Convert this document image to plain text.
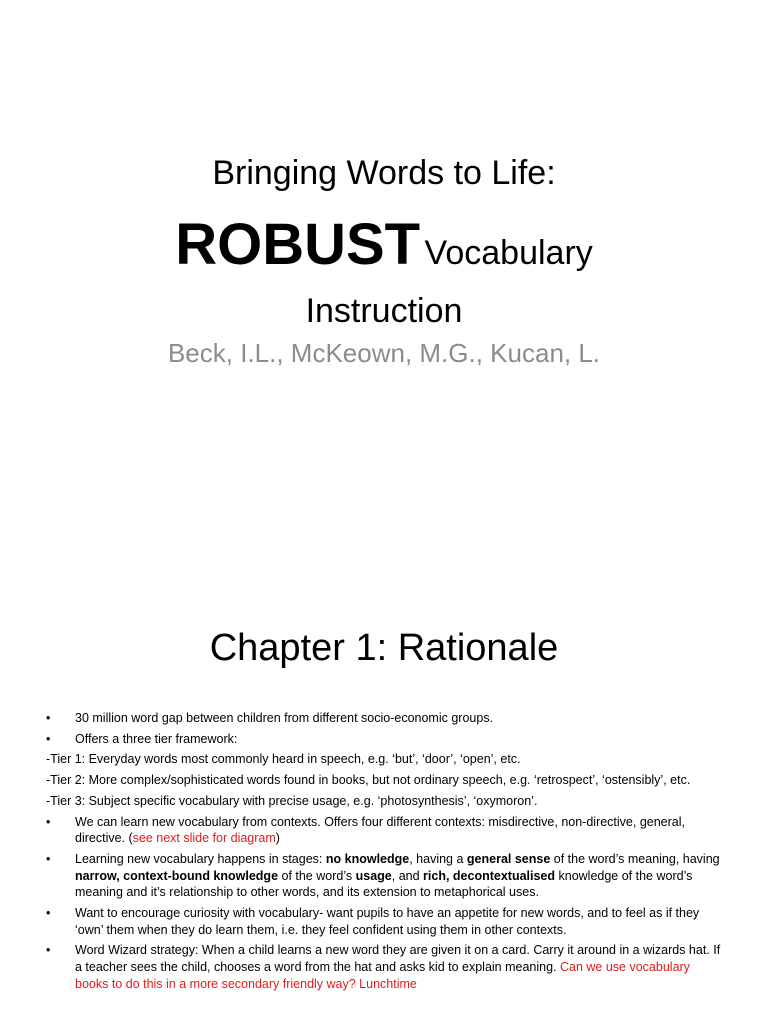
Bringing Words to Life:
ROBUST Vocabulary
Instruction
Beck, I.L., McKeown, M.G., Kucan, L.
Chapter 1: Rationale
• 30 million word gap between children from different socio-economic groups.
• Offers a three tier framework:
-Tier 1: Everyday words most commonly heard in speech, e.g. ‘but’, ‘door’, ‘open’, etc.
-Tier 2: More complex/sophisticated words found in books, but not ordinary speech, e.g. ‘retrospect’, ‘ostensibly’, etc.
-Tier 3: Subject specific vocabulary with precise usage, e.g. ‘photosynthesis’, ‘oxymoron’.
• We can learn new vocabulary from contexts. Offers four different contexts: misdirective, non-directive, general, directive. (see next slide for diagram)
• Learning new vocabulary happens in stages: no knowledge, having a general sense of the word’s meaning, having narrow, context-bound knowledge of the word’s usage, and rich, decontextualised knowledge of the word’s meaning and it’s relationship to other words, and its extension to metaphorical uses.
• Want to encourage curiosity with vocabulary- want pupils to have an appetite for new words, and to feel as if they ‘own’ them when they do learn them, i.e. they feel confident using them in other contexts.
• Word Wizard strategy: When a child learns a new word they are given it on a card. Carry it around in a wizards hat. If a teacher sees the child, chooses a word from the hat and asks kid to explain meaning. Can we use vocabulary books to do this in a more secondary friendly way? Lunchtime
